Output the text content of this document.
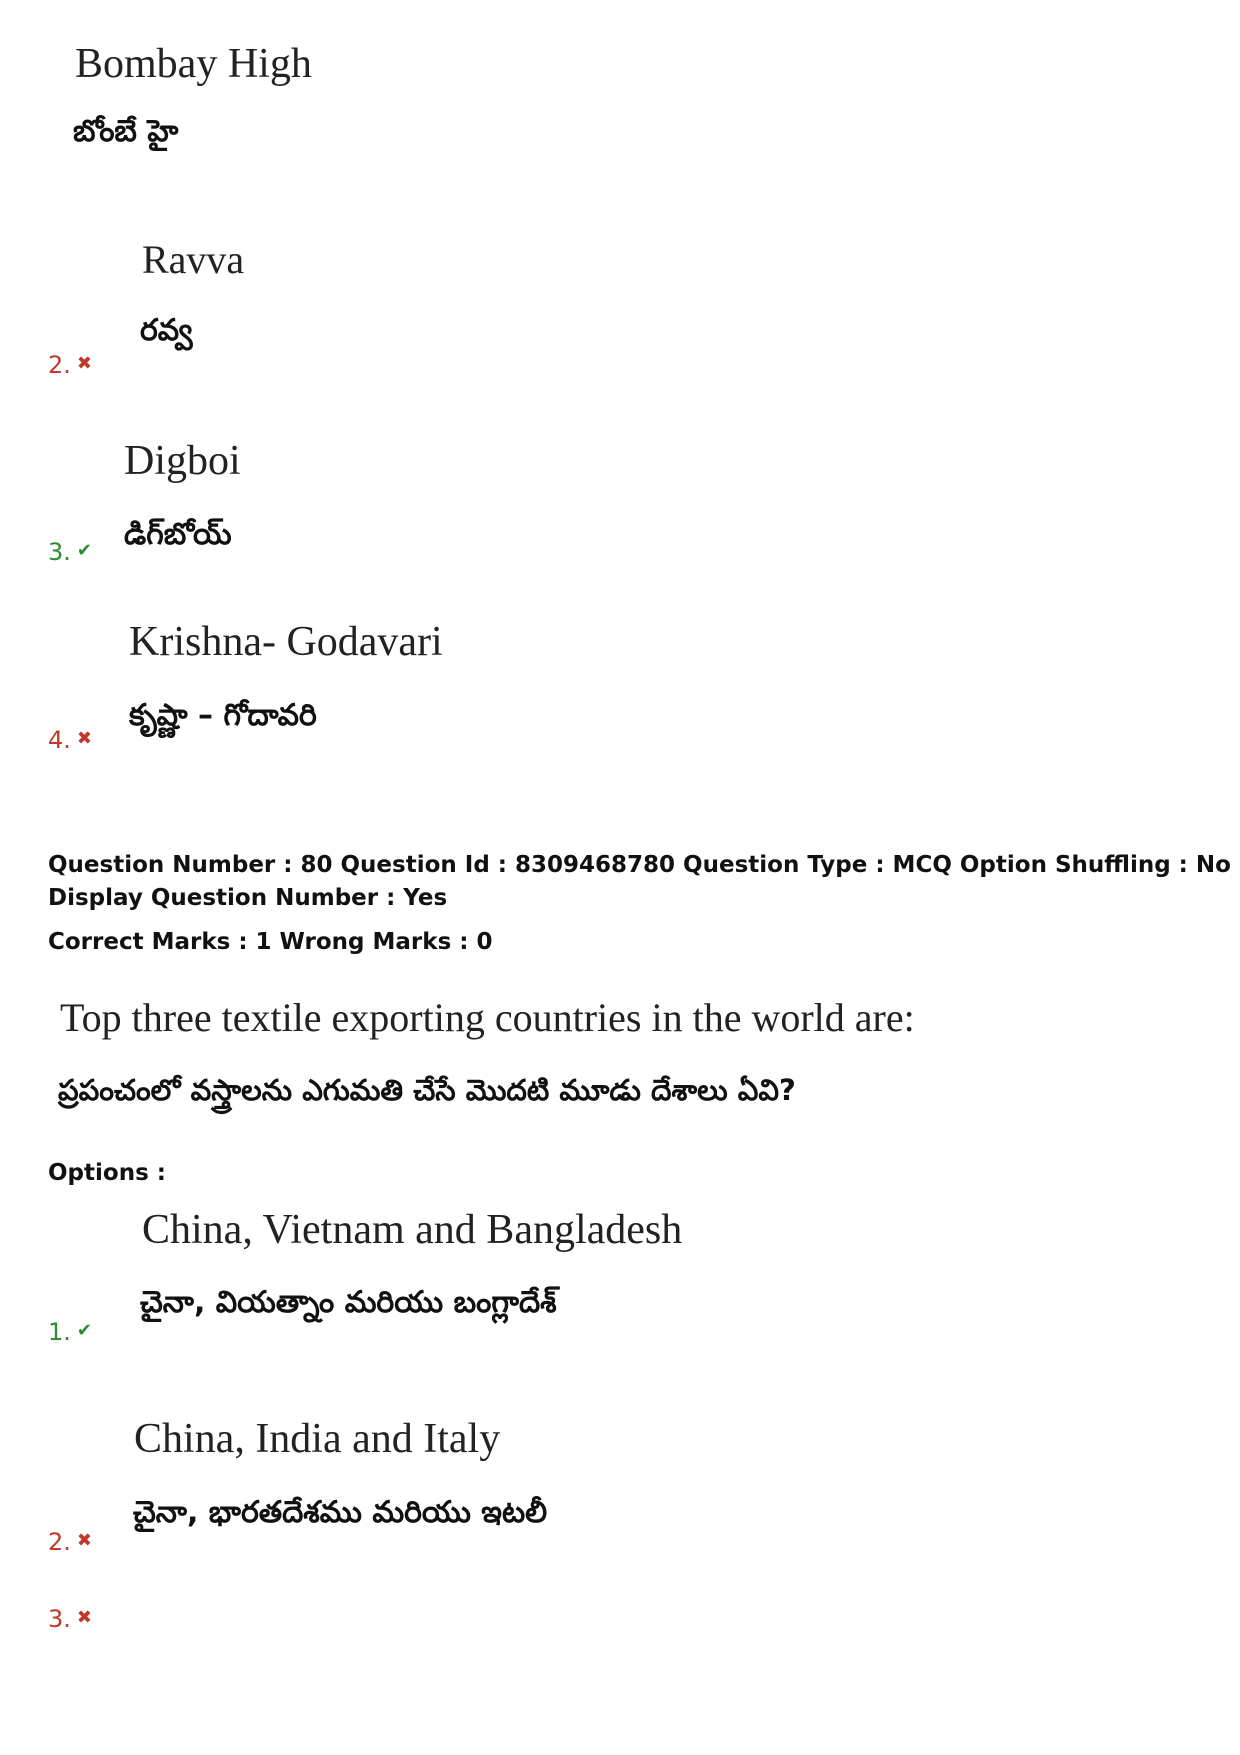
Bombay High
బోంబే హై
Ravva
రవ్వ
2. ✖
Digboi
డిగ్‌బోయ్
3. ✔
Krishna- Godavari
కృష్ణా – గోదావరి
4. ✖
Question Number : 80 Question Id : 8309468780 Question Type : MCQ Option Shuffling : No
Display Question Number : Yes
Correct Marks : 1 Wrong Marks : 0
Top three textile exporting countries in the world are:
ప్రపంచంలో వస్త్రాలను ఎగుమతి చేసే మొదటి మూడు దేశాలు ఏవి?
Options :
China, Vietnam and Bangladesh
చైనా, వియత్నాం మరియు బంగ్లాదేశ్
1. ✔
China, India and Italy
చైనా, భారతదేశము మరియు ఇటలీ
2. ✖
3. ✖
